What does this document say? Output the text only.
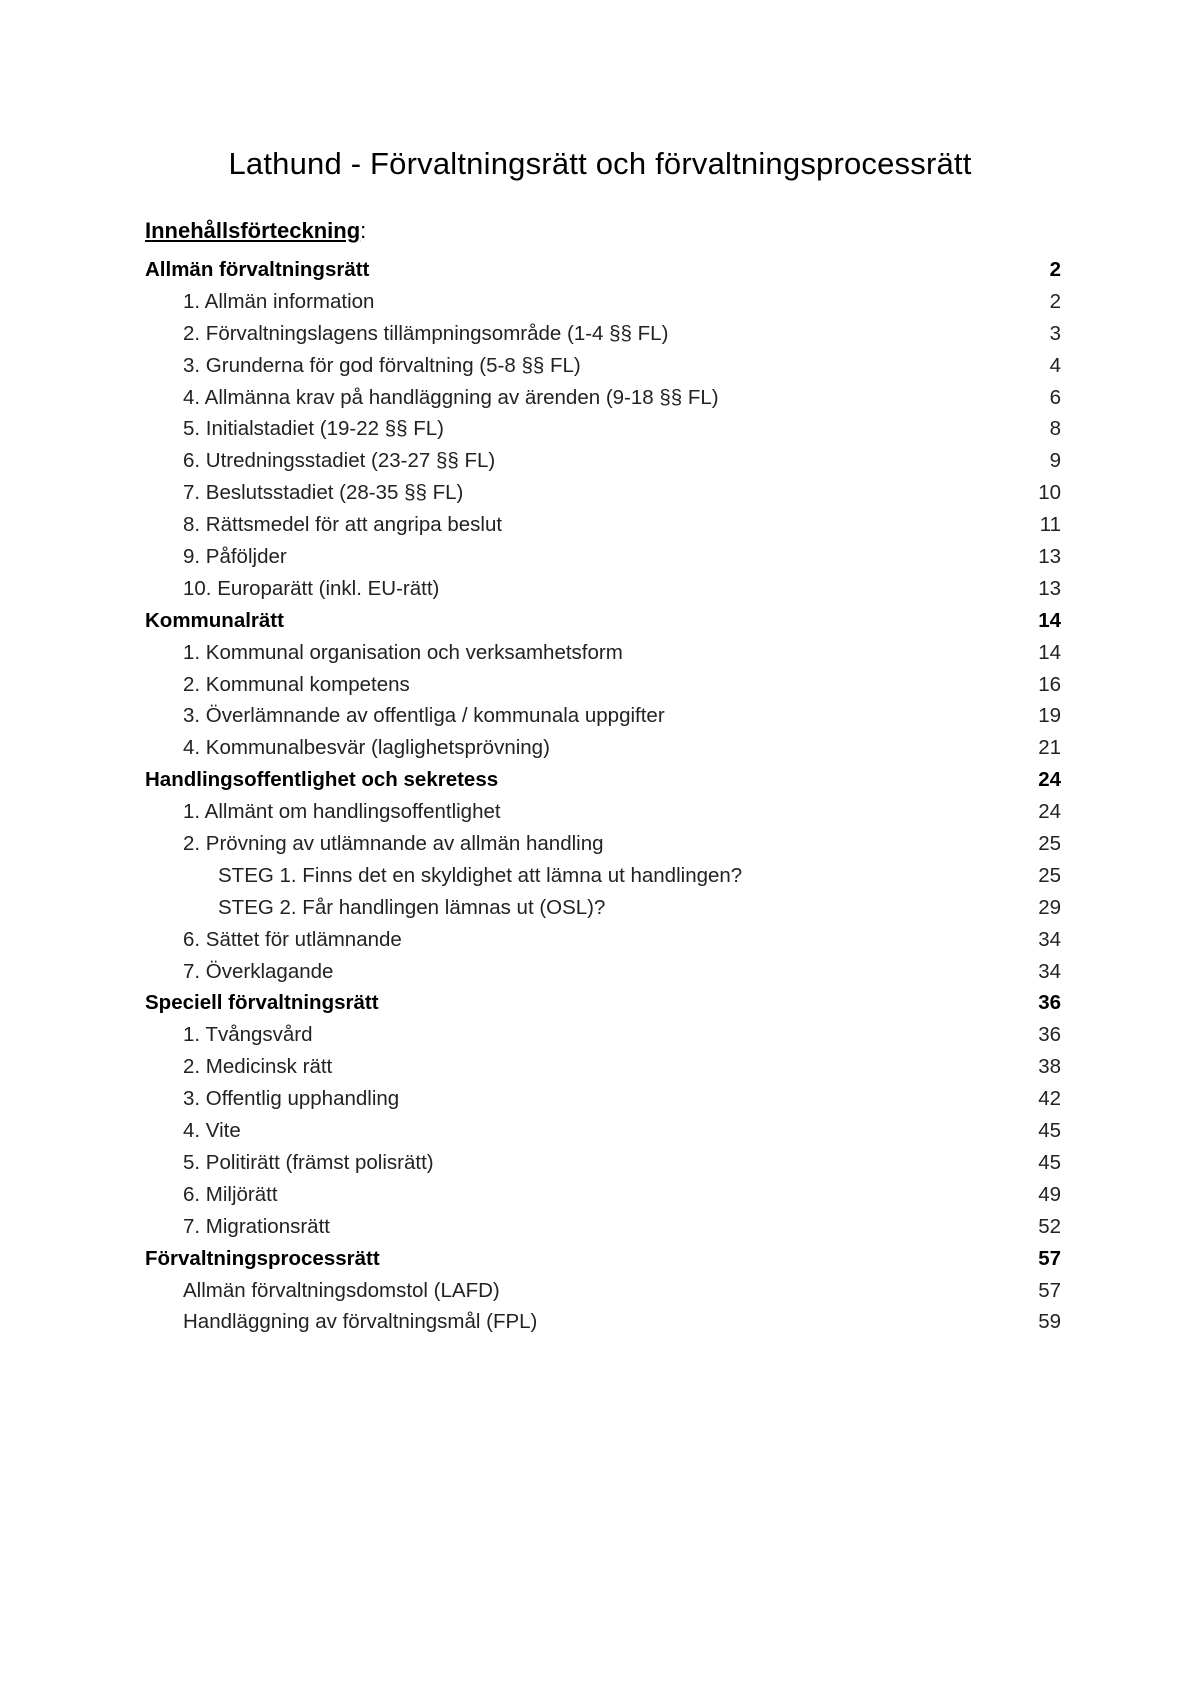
Lathund - Förvaltningsrätt och förvaltningsprocessrätt
Innehållsförteckning:
Allmän förvaltningsrätt	2
1. Allmän information	2
2. Förvaltningslagens tillämpningsområde (1-4 §§ FL)	3
3. Grunderna för god förvaltning (5-8 §§ FL)	4
4. Allmänna krav på handläggning av ärenden (9-18 §§ FL)	6
5. Initialstadiet (19-22 §§ FL)	8
6. Utredningsstadiet (23-27 §§ FL)	9
7. Beslutsstadiet (28-35 §§ FL)	10
8. Rättsmedel för att angripa beslut	11
9. Påföljder	13
10. Europarätt (inkl. EU-rätt)	13
Kommunalrätt	14
1. Kommunal organisation och verksamhetsform	14
2. Kommunal kompetens	16
3. Överlämnande av offentliga / kommunala uppgifter	19
4. Kommunalbesvär (laglighetsprövning)	21
Handlingsoffentlighet och sekretess	24
1. Allmänt om handlingsoffentlighet	24
2. Prövning av utlämnande av allmän handling	25
STEG 1. Finns det en skyldighet att lämna ut handlingen?	25
STEG 2. Får handlingen lämnas ut (OSL)?	29
6. Sättet för utlämnande	34
7. Överklagande	34
Speciell förvaltningsrätt	36
1. Tvångsvård	36
2. Medicinsk rätt	38
3. Offentlig upphandling	42
4. Vite	45
5. Politirätt (främst polisrätt)	45
6. Miljörätt	49
7. Migrationsrätt	52
Förvaltningsprocessrätt	57
Allmän förvaltningsdomstol (LAFD)	57
Handläggning av förvaltningsmål (FPL)	59
